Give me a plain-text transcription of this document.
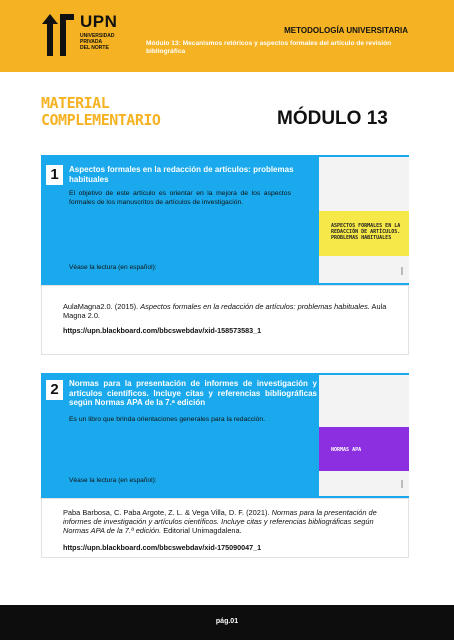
UPN
UNIVERSIDAD
PRIVADA
DEL NORTE
METODOLOGÍA UNIVERSITARIA
Módulo 13: Mecanismos retóricos y aspectos formales del artículo de revisión bibliográfica
MATERIAL
COMPLEMENTARIO	MÓDULO 13
1	Aspectos formales en la redacción de artículos: problemas habituales
El objetivo de este artículo es orientar en la mejora de los aspectos formales de los manuscritos de artículos de investigación.
Véase la lectura (en español):
ASPECTOS FORMALES EN LA
REDACCIÓN DE ARTÍCULOS.
PROBLEMAS HABITUALES
AulaMagna2.0. (2015). Aspectos formales en la redacción de artículos: problemas habituales. Aula Magna 2.0.
https://upn.blackboard.com/bbcswebdav/xid-158573583_1
2	Normas para la presentación de informes de investigación y artículos científicos. Incluye citas y referencias bibliográficas según Normas APA de la 7.ᵃ edición
Es un libro que brinda orientaciones generales para la redacción.
Véase la lectura (en español):
NORMAS APA
Paba Barbosa, C. Paba Argote, Z. L. & Vega Villa, D. F. (2021). Normas para la presentación de informes de investigación y artículos científicos. Incluye citas y referencias bibliográficas según Normas APA de la 7.ª edición. Editorial Unimagdalena.
https://upn.blackboard.com/bbcswebdav/xid-175090047_1
pág.01
